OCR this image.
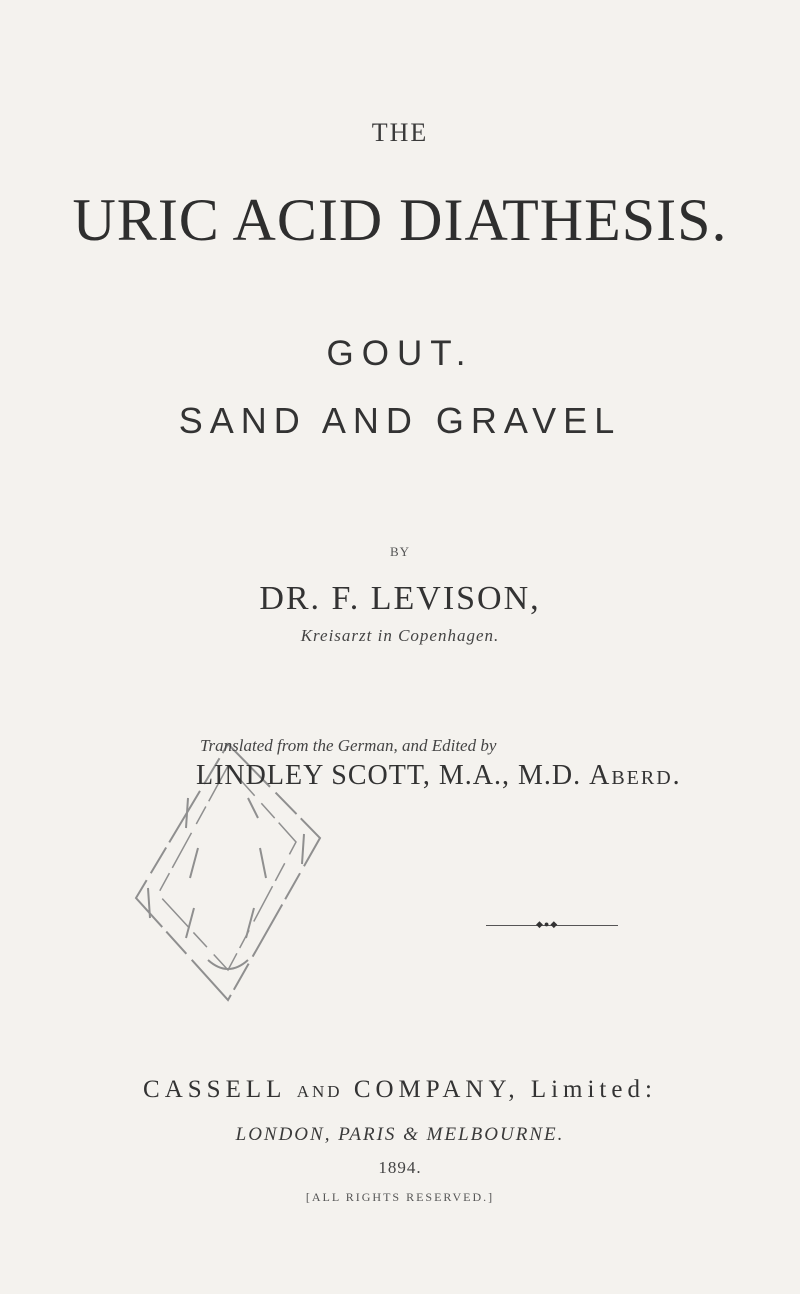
THE
URIC ACID DIATHESIS.
GOUT.
SAND AND GRAVEL
BY
DR. F. LEVISON,
Kreisarzt in Copenhagen.
Translated from the German, and Edited by
LINDLEY SCOTT, M.A., M.D. Aberd.
◆●◆
CASSELL AND COMPANY, Limited:
LONDON, PARIS & MELBOURNE.
1894.
[ALL RIGHTS RESERVED.]
